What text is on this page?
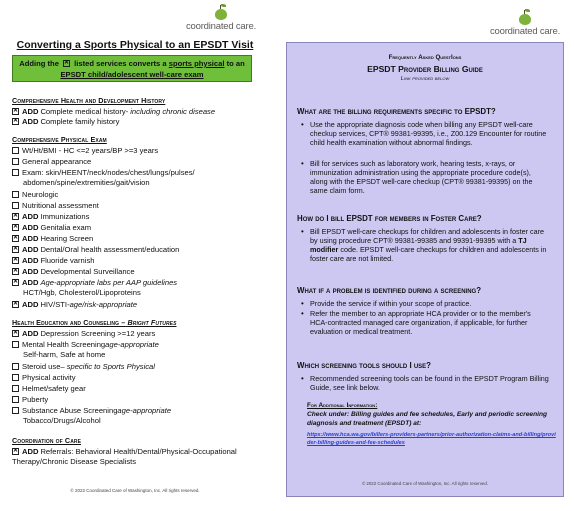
coordinated care.
Converting a Sports Physical to an EPSDT Visit
Adding the ✕ listed services converts a sports physical to an
EPSDT child/adolescent well-care exam
Comprehensive Health and Development History
✕
ADD Complete medical history- including chronic disease
✕
ADD Complete family history
Comprehensive Physical Exam
Wt/Ht/BMI - HC <=2 years/BP >=3 years
General appearance
Exam: skin/HEENT/neck/nodes/chest/lungs/pulses/
abdomen/spine/extremities/gait/vision
Neurologic
Nutritional assessment
✕
ADD Immunizations
✕
ADD Genitalia exam
✕
ADD Hearing Screen
✕
ADD Dental/Oral health assessment/education
✕
ADD Fluoride varnish
✕
ADD Developmental Surveillance
✕
ADD Age-appropriate labs per AAP guidelines
HCT/Hgb, Cholesterol/Lipoproteins
✕
ADD HIV/STI -age/risk-appropriate
Health Education and Counseling – Bright Futures
✕
ADD Depression Screening >=12 years
Mental Health Screening age-appropriate
Self-harm, Safe at home
Steroid use – specific to Sports Physical
Physical activity
Helmet/safety gear
Puberty
Substance Abuse Screening age-appropriate
Tobacco/Drugs/Alcohol
Coordination of Care
✕
ADD Referrals: Behavioral Health/Dental/Physical-Occupational
Therapy/Chronic Disease Specialists
© 2022 Coordinated Care of Washington, Inc. All rights reserved.
coordinated care.
Frequently Asked QuestIons
EPSDT Provider Billing Guide
Link provided below
What are the billing requirements specific to EPSDT?
• Use the appropriate diagnosis code when billing any EPSDT well-care checkup services, CPT® 99381-99395, i.e., Z00.129 Encounter for routine child health examination without abnormal findings.
• Bill for services such as laboratory work, hearing tests, x-rays, or immunization administration using the appropriate procedure code(s), along with the EPSDT well-care checkup (CPT® 99381-99395) on the same claim form.
How do I bill EPSDT for members in Foster Care?
• Bill EPSDT well-care checkups for children and adolescents in foster care by using procedure CPT® 99381-99385 and 99391-99395 with a TJ modifier code. EPSDT well-care checkups for children and adolescents in foster care are not limited.
What if a problem is identified during a screening?
• Provide the service if within your scope of practice.
• Refer the member to an appropriate HCA provider or to the member's HCA-contracted managed care organization, if applicable, for further evaluation or medical treatment.
Which screening tools should I use?
• Recommended screening tools can be found in the EPSDT Program Billing Guide, see link below.
For Additional Information:
Check under: Billing guides and fee schedules, Early and periodic screening diagnosis and treatment (EPSDT) at:
https://www.hca.wa.gov/billers-providers-partners/prior-authorization-claims-and-billing/provider-billing-guides-and-fee-schedules
© 2022 Coordinated Care of Washington, Inc. All rights reserved.
